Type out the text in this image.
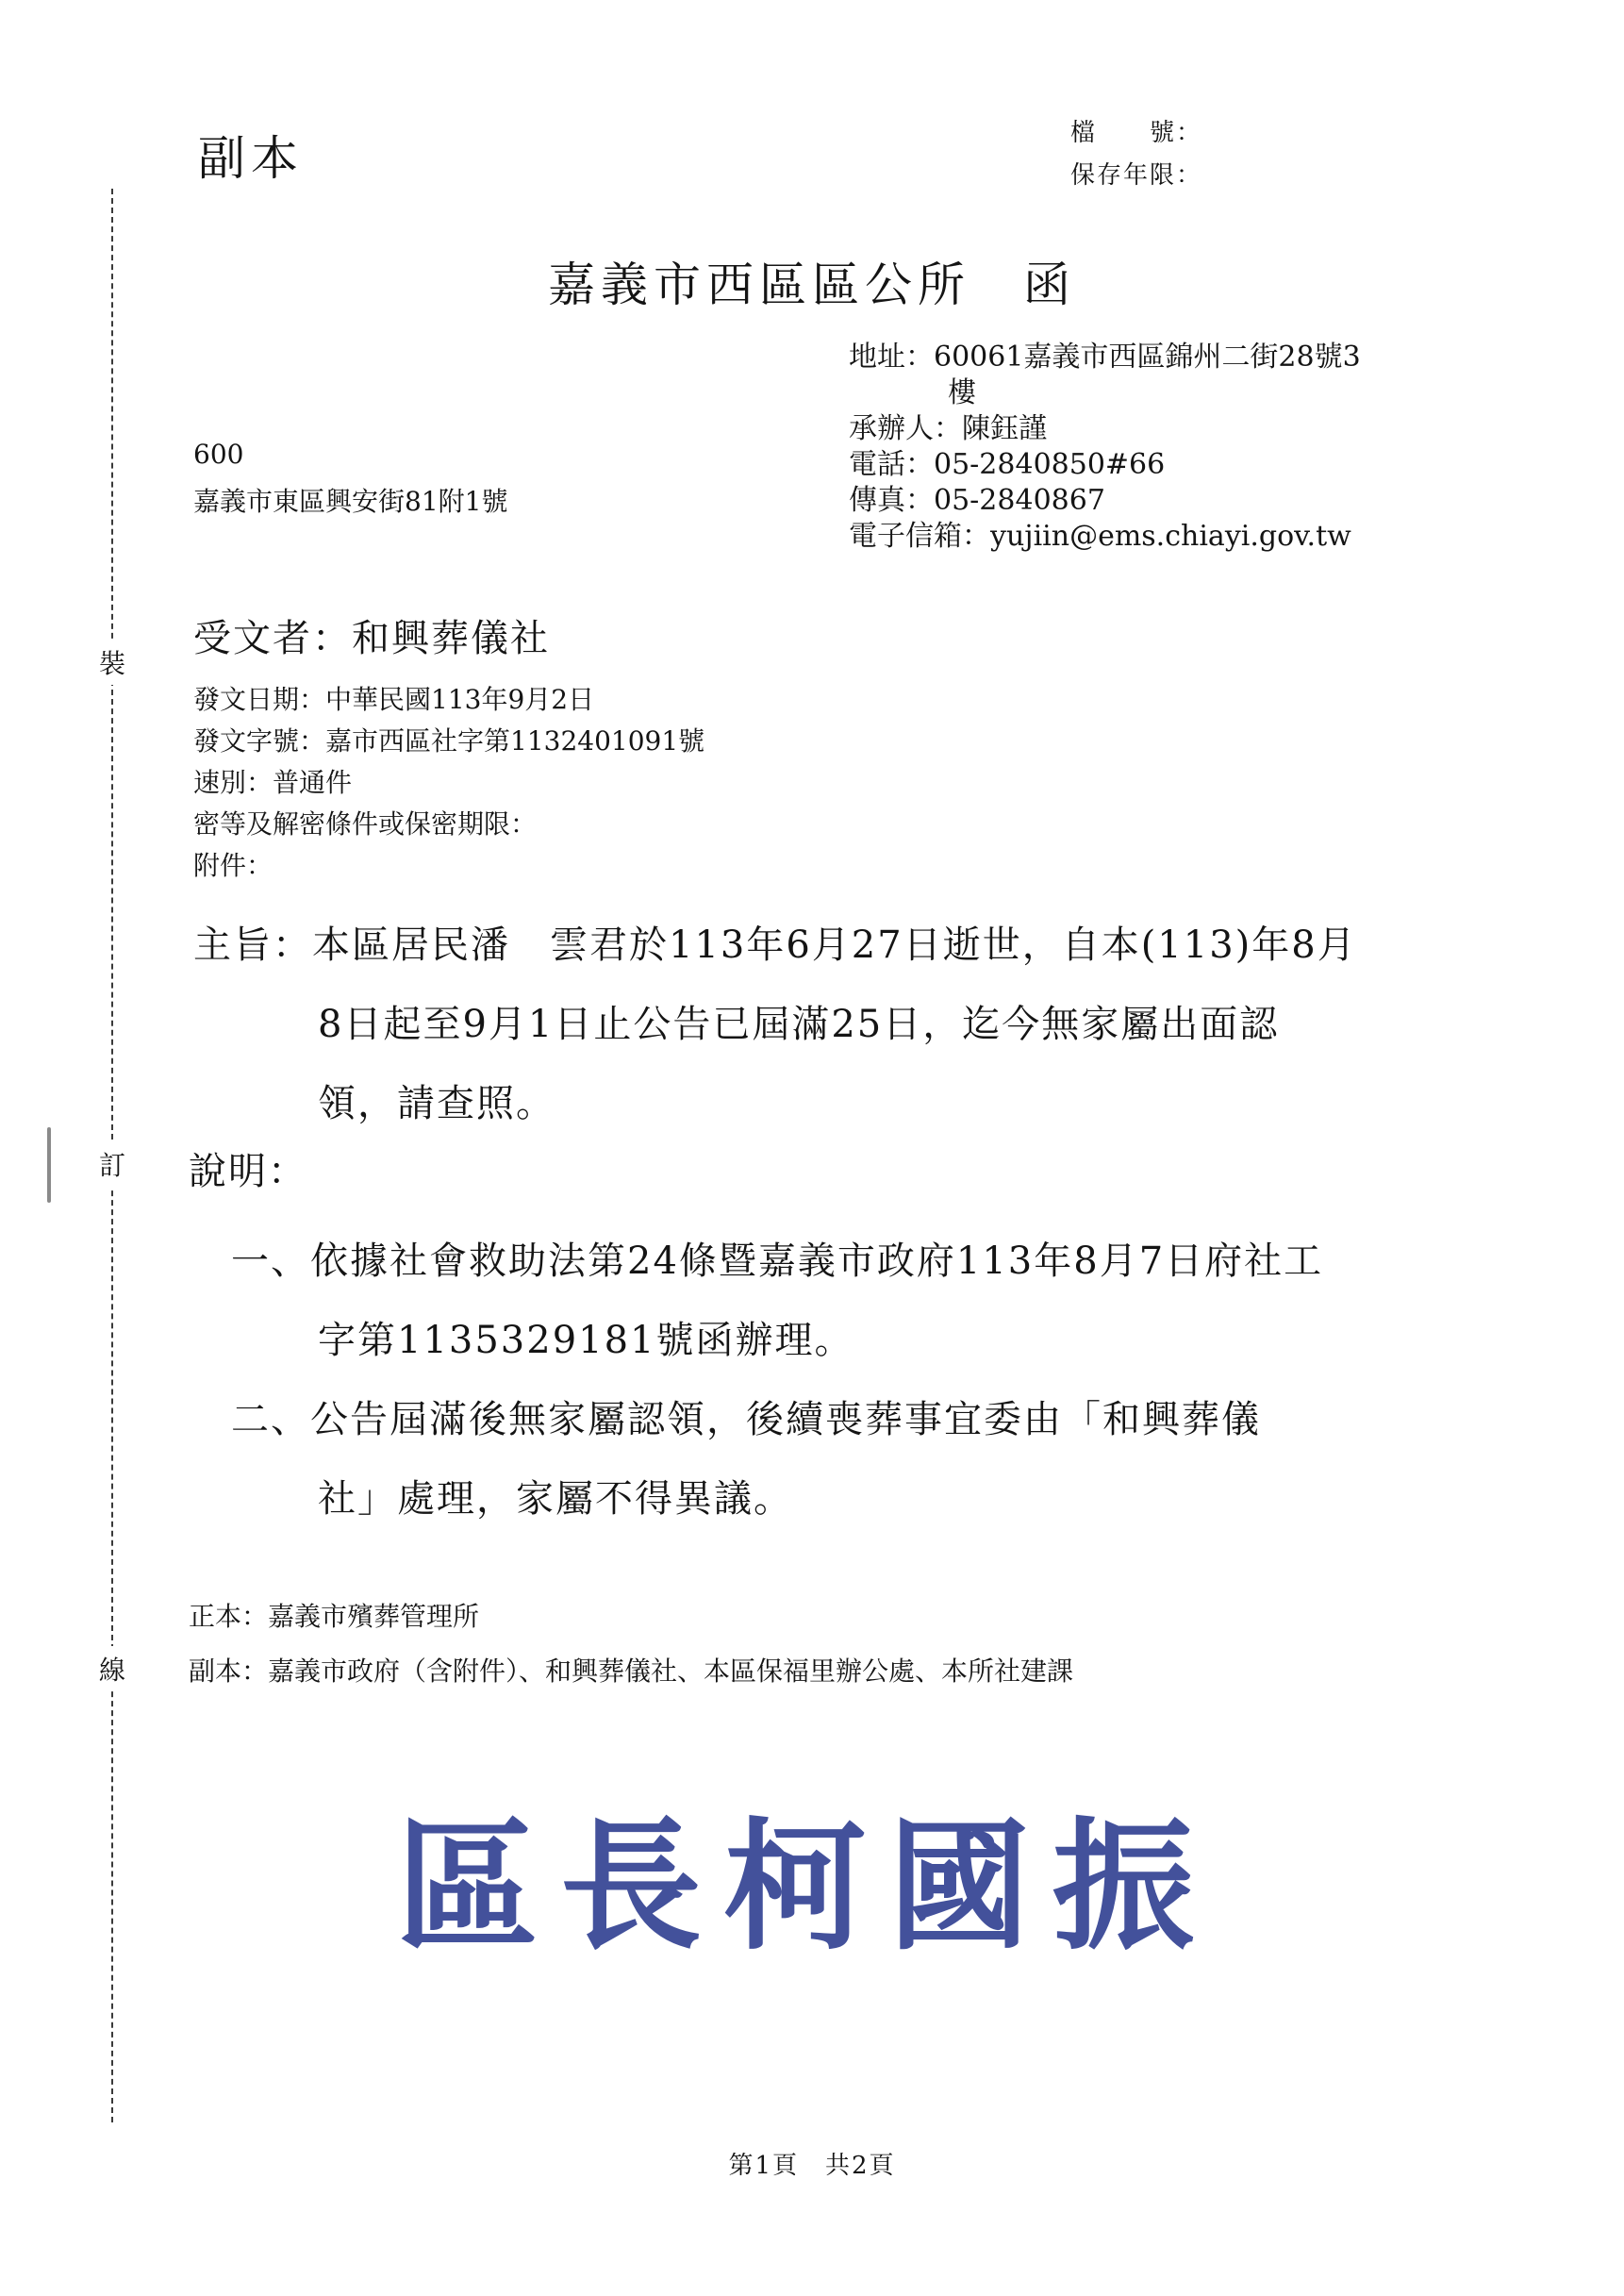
裝
訂
線
副本	檔　　號：
保存年限：
嘉義市西區區公所　函
地址：60061嘉義市西區錦州二街28號3
樓
承辦人：陳鈺謹
電話：05-2840850#66
傳真：05-2840867
電子信箱：yujiin@ems.chiayi.gov.tw
600
嘉義市東區興安街81附1號
受文者：和興葬儀社
發文日期：中華民國113年9月2日
發文字號：嘉市西區社字第1132401091號
速別：普通件
密等及解密條件或保密期限：
附件：
主旨：本區居民潘　雲君於113年6月27日逝世，自本(113)年8月
8日起至9月1日止公告已屆滿25日，迄今無家屬出面認
領，請查照。
說明：
一、依據社會救助法第24條暨嘉義市政府113年8月7日府社工
字第1135329181號函辦理。
二、公告屆滿後無家屬認領，後續喪葬事宜委由「和興葬儀
社」處理，家屬不得異議。
正本：嘉義市殯葬管理所
副本：嘉義市政府（含附件）、和興葬儀社、本區保福里辦公處、本所社建課
區長柯國振
第1頁　共2頁
